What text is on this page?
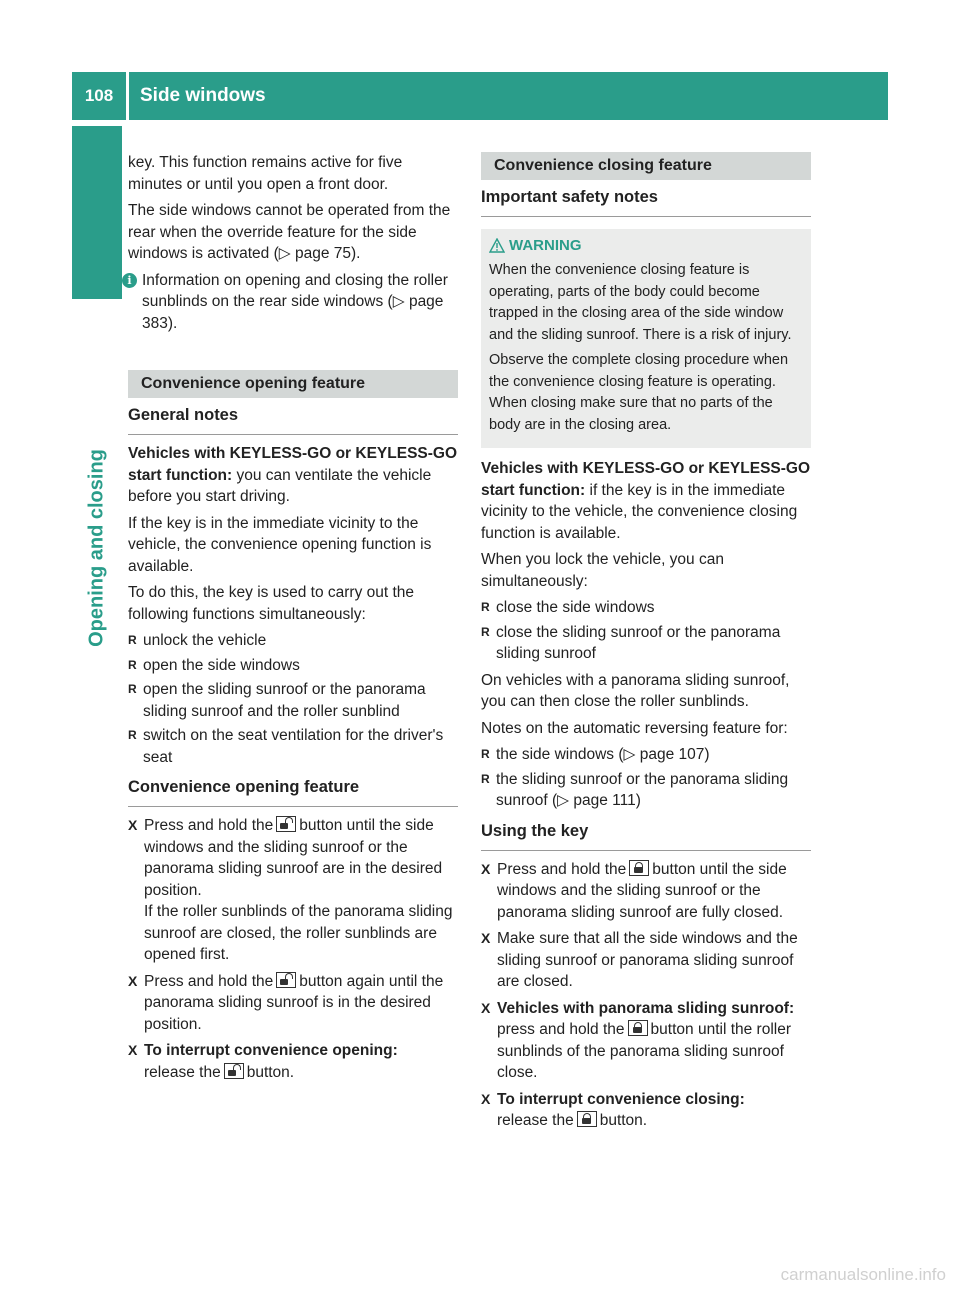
108	Side windows
Opening and closing

key. This function remains active for five minutes or until you open a front door.

The side windows cannot be operated from the rear when the override feature for the side windows is activated (▷ page 75).

i Information on opening and closing the roller sunblinds on the rear side windows (▷ page 383).

Convenience opening feature
General notes

Vehicles with KEYLESS-GO or KEYLESS-GO start function: you can ventilate the vehicle before you start driving.

If the key is in the immediate vicinity to the vehicle, the convenience opening function is available.

To do this, the key is used to carry out the following functions simultaneously:

R unlock the vehicle
R open the side windows
R open the sliding sunroof or the panorama sliding sunroof and the roller sunblind
R switch on the seat ventilation for the driver's seat
Convenience opening feature
X Press and hold the button until the side windows and the sliding sunroof or the panorama sliding sunroof are in the desired position.
If the roller sunblinds of the panorama sliding sunroof are closed, the roller sunblinds are opened first.
X Press and hold the button again until the panorama sliding sunroof is in the desired position.
X To interrupt convenience opening:
release the button.
Convenience closing feature
Important safety notes
WARNING

When the convenience closing feature is operating, parts of the body could become trapped in the closing area of the side window and the sliding sunroof. There is a risk of injury.

Observe the complete closing procedure when the convenience closing feature is operating. When closing make sure that no parts of the body are in the closing area.

Vehicles with KEYLESS-GO or KEYLESS-GO start function: if the key is in the immediate vicinity to the vehicle, the convenience closing function is available.

When you lock the vehicle, you can simultaneously:

R close the side windows
R close the sliding sunroof or the panorama sliding sunroof

On vehicles with a panorama sliding sunroof, you can then close the roller sunblinds.

Notes on the automatic reversing feature for:

R the side windows (▷ page 107)
R the sliding sunroof or the panorama sliding sunroof (▷ page 111)
Using the key
X Press and hold the button until the side windows and the sliding sunroof or the panorama sliding sunroof are fully closed.
X Make sure that all the side windows and the sliding sunroof or panorama sliding sunroof are closed.
X Vehicles with panorama sliding sunroof: press and hold the button until the roller sunblinds of the panorama sliding sunroof close.
X To interrupt convenience closing:
release the button.
carmanualsonline.info
